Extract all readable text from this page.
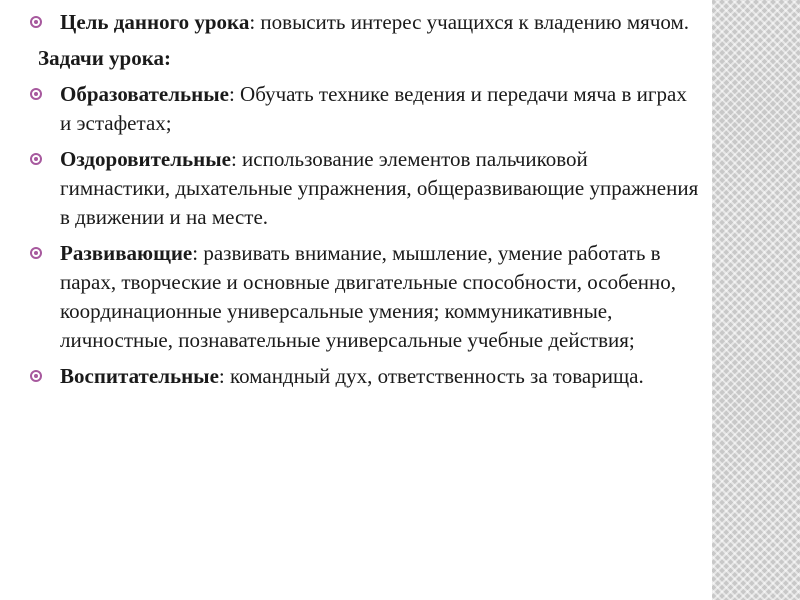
Цель данного урока: повысить интерес учащихся к владению мячом.
Задачи урока:
Образовательные: Обучать технике ведения и передачи мяча в играх и эстафетах;
Оздоровительные: использование элементов пальчиковой гимнастики, дыхательные упражнения, общеразвивающие упражнения в движении и на месте.
Развивающие: развивать внимание, мышление, умение работать в парах, творческие и основные двигательные способности, особенно, координационные универсальные умения; коммуникативные, личностные, познавательные универсальные учебные действия;
Воспитательные: командный дух, ответственность за товарища.
